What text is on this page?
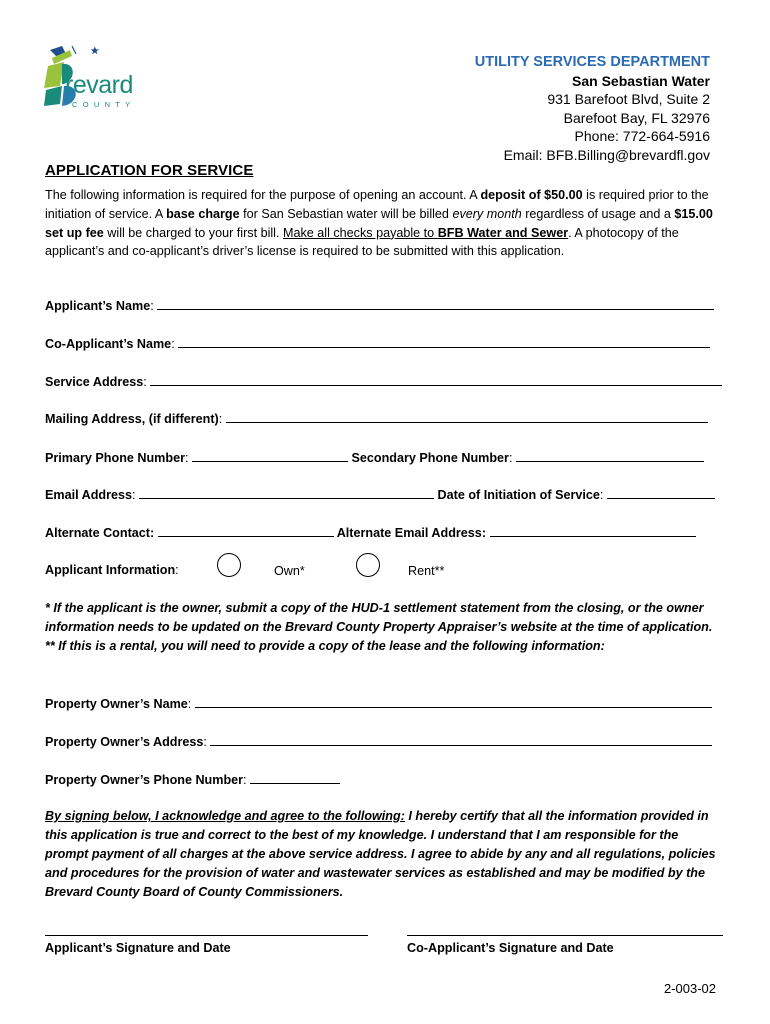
revard
COUNTY
UTILITY SERVICES DEPARTMENT
San Sebastian Water
931 Barefoot Blvd, Suite 2
Barefoot Bay, FL 32976
Phone: 772-664-5916
Email: BFB.Billing@brevardfl.gov
APPLICATION FOR SERVICE
The following information is required for the purpose of opening an account. A deposit of $50.00 is required prior to the initiation of service. A base charge for San Sebastian water will be billed every month regardless of usage and a $15.00 set up fee will be charged to your first bill. Make all checks payable to BFB Water and Sewer. A photocopy of the applicant’s and co-applicant’s driver’s license is required to be submitted with this application.
Applicant’s Name:
Co-Applicant’s Name:
Service Address:
Mailing Address, (if different):
Primary Phone Number:	Secondary Phone Number:
Email Address:	Date of Initiation of Service:
Alternate Contact:	Alternate Email Address:
Applicant Information:	Own*	Rent**
* If the applicant is the owner, submit a copy of the HUD-1 settlement statement from the closing, or the owner information needs to be updated on the Brevard County Property Appraiser’s website at the time of application.
** If this is a rental, you will need to provide a copy of the lease and the following information:
Property Owner’s Name:
Property Owner’s Address:
Property Owner’s Phone Number:
By signing below, I acknowledge and agree to the following: I hereby certify that all the information provided in this application is true and correct to the best of my knowledge. I understand that I am responsible for the prompt payment of all charges at the above service address. I agree to abide by any and all regulations, policies and procedures for the provision of water and wastewater services as established and may be modified by the Brevard County Board of County Commissioners.
Applicant’s Signature and Date	Co-Applicant’s Signature and Date
2-003-02
